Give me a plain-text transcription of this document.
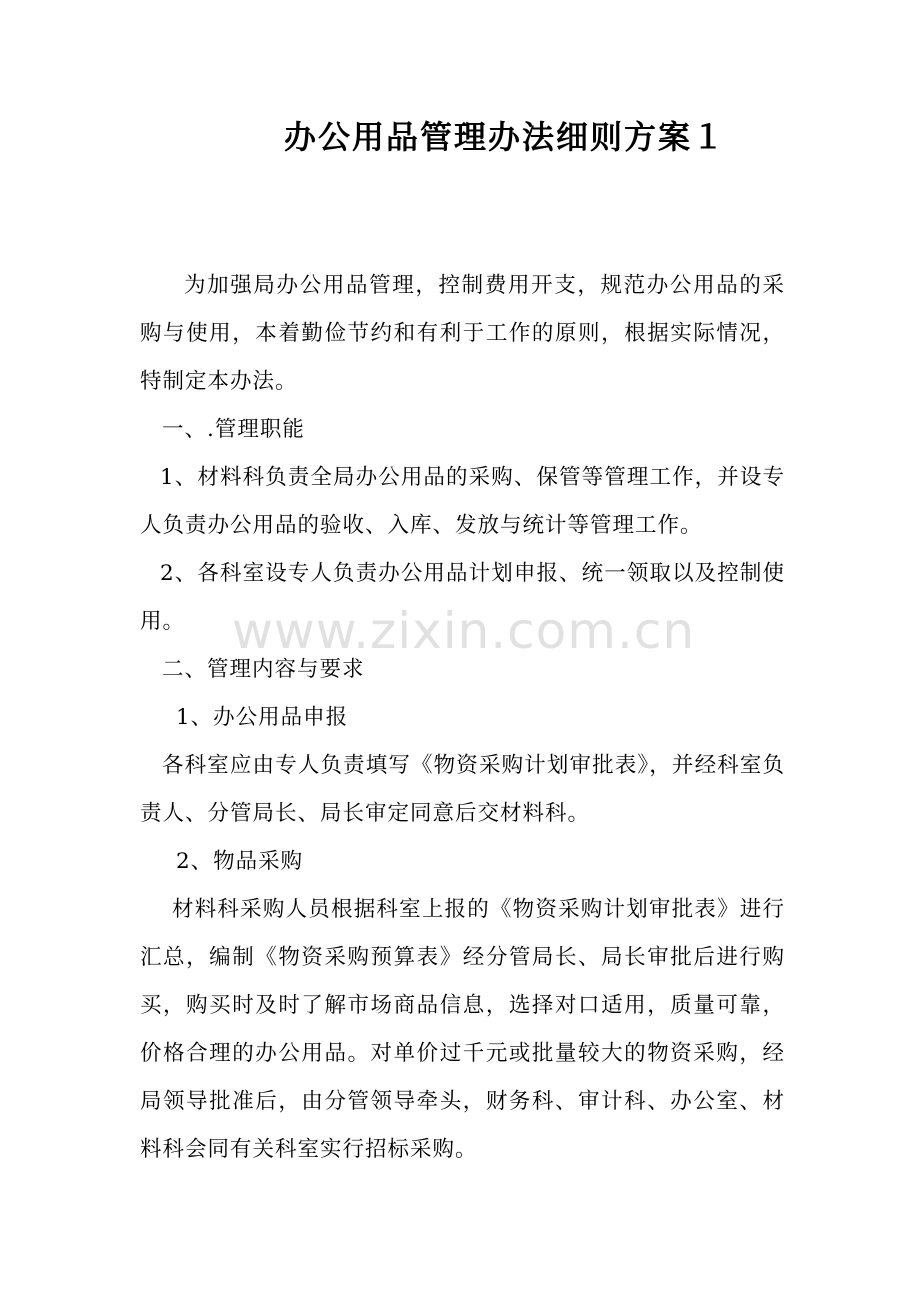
办公用品管理办法细则方案１

为加强局办公用品管理，控制费用开支，规范办公用品的采购与使用，本着勤俭节约和有利于工作的原则，根据实际情况，特制定本办法。

一、.管理职能

1、材料科负责全局办公用品的采购、保管等管理工作，并设专人负责办公用品的验收、入库、发放与统计等管理工作。

2、各科室设专人负责办公用品计划申报、统一领取以及控制使用。

二、管理内容与要求

1、办公用品申报

各科室应由专人负责填写《物资采购计划审批表》，并经科室负责人、分管局长、局长审定同意后交材料科。

2、物品采购

材料科采购人员根据科室上报的《物资采购计划审批表》进行汇总，编制《物资采购预算表》经分管局长、局长审批后进行购买，购买时及时了解市场商品信息，选择对口适用，质量可靠，价格合理的办公用品。对单价过千元或批量较大的物资采购，经局领导批准后，由分管领导牵头，财务科、审计科、办公室、材料科会同有关科室实行招标采购。

www.zixin.com.cn
